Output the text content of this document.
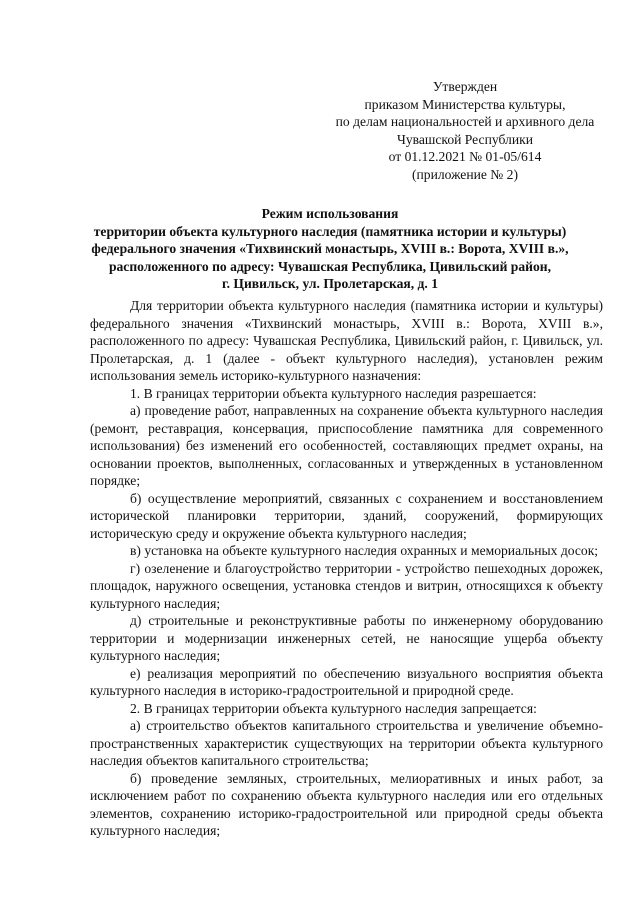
Утвержден
приказом Министерства культуры,
по делам национальностей и архивного дела
Чувашской Республики
от 01.12.2021 № 01-05/614
(приложение № 2)
Режим использования
территории объекта культурного наследия (памятника истории и культуры)
федерального значения «Тихвинский монастырь, XVIII в.: Ворота, XVIII в.»,
расположенного по адресу: Чувашская Республика, Цивильский район,
г. Цивильск, ул. Пролетарская, д. 1

Для территории объекта культурного наследия (памятника истории и культуры) федерального значения «Тихвинский монастырь, XVIII в.: Ворота, XVIII в.», расположенного по адресу: Чувашская Республика, Цивильский район, г. Цивильск, ул. Пролетарская, д. 1 (далее - объект культурного наследия), установлен режим использования земель историко-культурного назначения:

1. В границах территории объекта культурного наследия разрешается:

а) проведение работ, направленных на сохранение объекта культурного наследия (ремонт, реставрация, консервация, приспособление памятника для современного использования) без изменений его особенностей, составляющих предмет охраны, на основании проектов, выполненных, согласованных и утвержденных в установленном порядке;

б) осуществление мероприятий, связанных с сохранением и восстановлением исторической планировки территории, зданий, сооружений, формирующих историческую среду и окружение объекта культурного наследия;

в) установка на объекте культурного наследия охранных и мемориальных досок;

г) озеленение и благоустройство территории - устройство пешеходных дорожек, площадок, наружного освещения, установка стендов и витрин, относящихся к объекту культурного наследия;

д) строительные и реконструктивные работы по инженерному оборудованию территории и модернизации инженерных сетей, не наносящие ущерба объекту культурного наследия;

е) реализация мероприятий по обеспечению визуального восприятия объекта культурного наследия в историко-градостроительной и природной среде.

2. В границах территории объекта культурного наследия запрещается:

а) строительство объектов капитального строительства и увеличение объемно-пространственных характеристик существующих на территории объекта культурного наследия объектов капитального строительства;

б) проведение земляных, строительных, мелиоративных и иных работ, за исключением работ по сохранению объекта культурного наследия или его отдельных элементов, сохранению историко-градостроительной или природной среды объекта культурного наследия;
